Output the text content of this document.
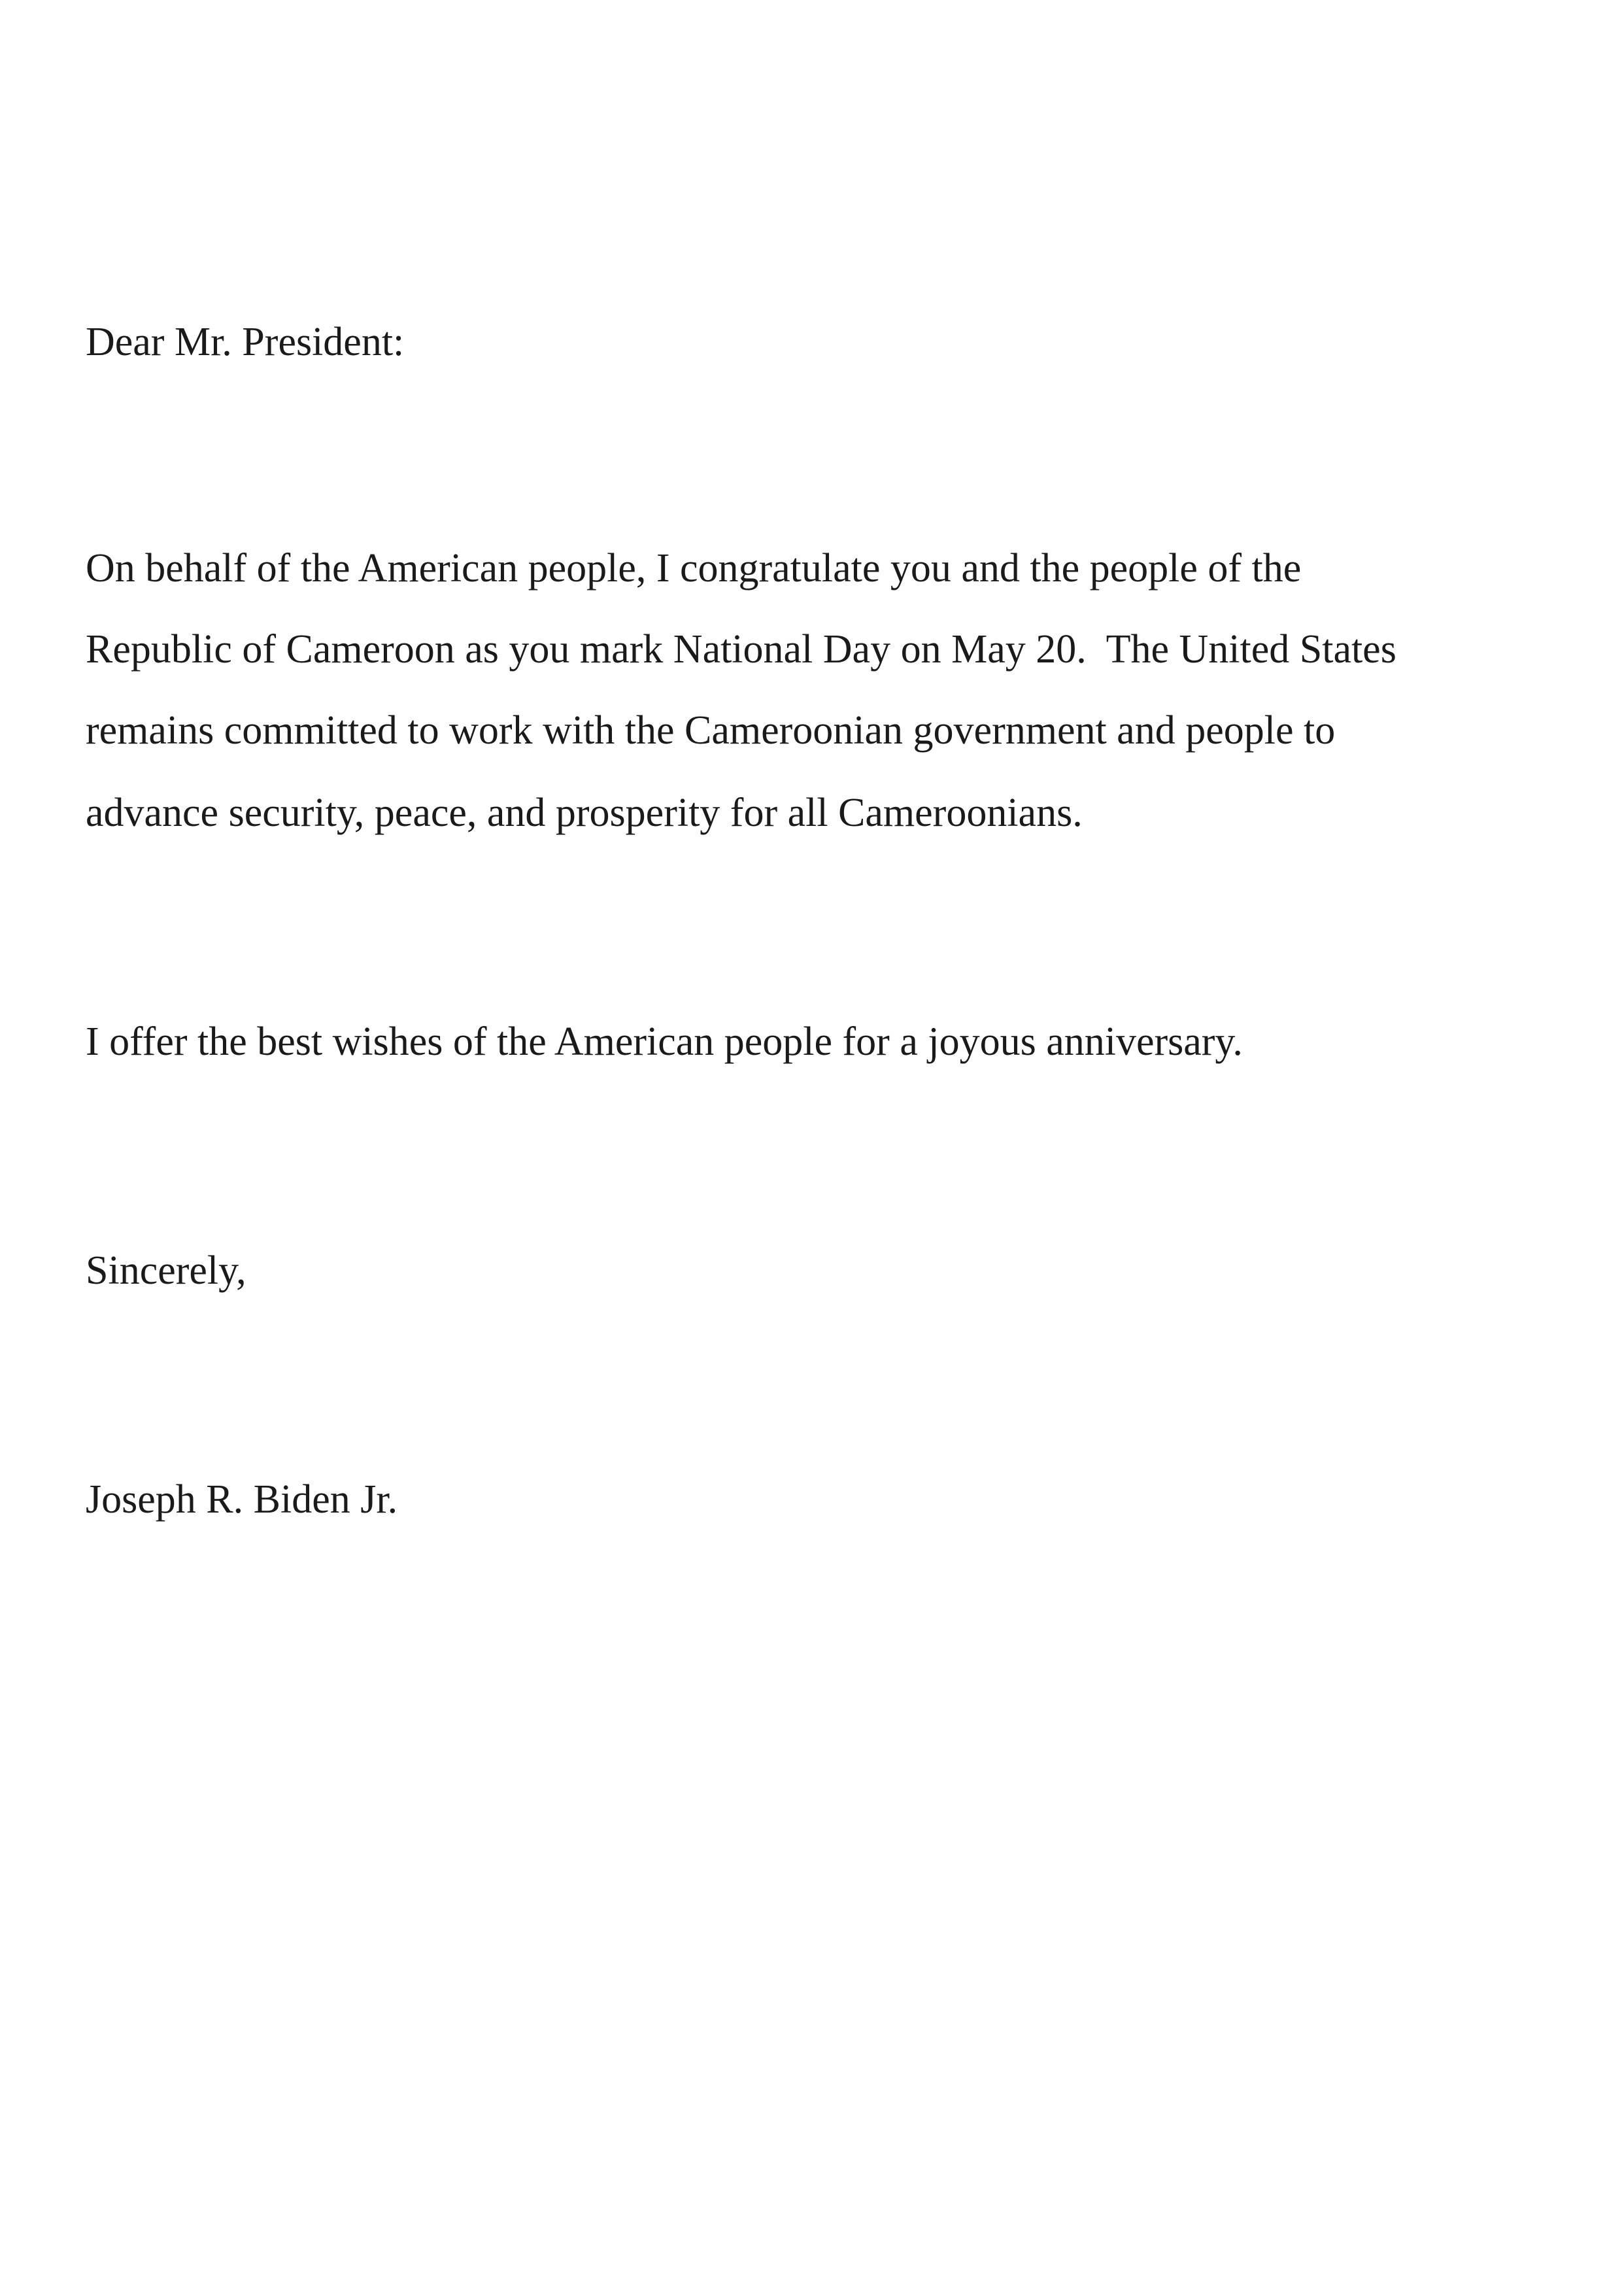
Dear Mr. President:
On behalf of the American people, I congratulate you and the people of the
Republic of Cameroon as you mark National Day on May 20.  The United States
remains committed to work with the Cameroonian government and people to
advance security, peace, and prosperity for all Cameroonians.
I offer the best wishes of the American people for a joyous anniversary.
Sincerely,
Joseph R. Biden Jr.
